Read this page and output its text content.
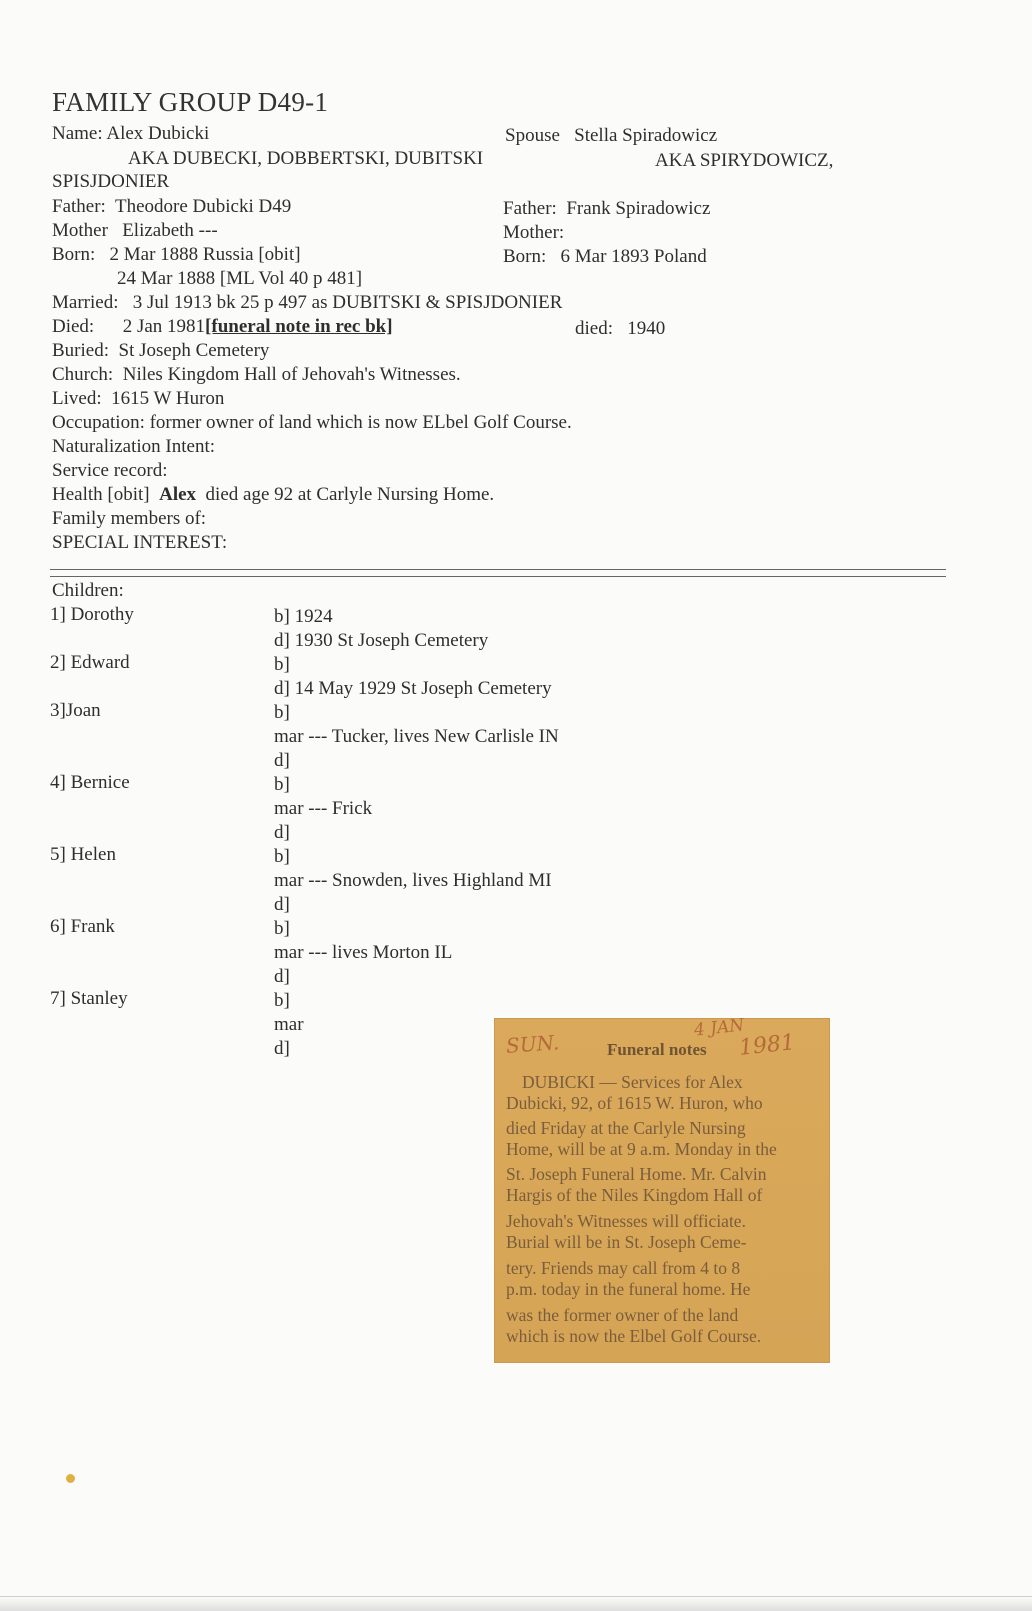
FAMILY GROUP D49-1
Name: Alex Dubicki	Spouse Stella Spiradowicz
AKA DUBECKI, DOBBERTSKI, DUBITSKI	AKA SPIRYDOWICZ,
SPISJDONIER
Father: Theodore Dubicki D49	Father: Frank Spiradowicz
Mother Elizabeth ---	Mother:
Born: 2 Mar 1888 Russia [obit]	Born: 6 Mar 1893 Poland
24 Mar 1888 [ML Vol 40 p 481]
Married: 3 Jul 1913 bk 25 p 497 as DUBITSKI & SPISJDONIER
Died: 2 Jan 1981[funeral note in rec bk]	died: 1940
Buried: St Joseph Cemetery
Church: Niles Kingdom Hall of Jehovah's Witnesses.
Lived: 1615 W Huron
Occupation: former owner of land which is now ELbel Golf Course.
Naturalization Intent:
Service record:
Health [obit] Alex died age 92 at Carlyle Nursing Home.
Family members of:
SPECIAL INTEREST:
Children:
1] Dorothy	b] 1924
d] 1930 St Joseph Cemetery
2] Edward	b]
d] 14 May 1929 St Joseph Cemetery
3]Joan	b]
mar --- Tucker, lives New Carlisle IN
d]
4] Bernice	b]
mar --- Frick
d]
5] Helen	b]
mar --- Snowden, lives Highland MI
d]
6] Frank	b]
mar --- lives Morton IL
d]
7] Stanley	b]
mar
d]	SUN.
4 JAN
1981
Funeral notes
DUBICKI — Services for Alex
Dubicki, 92, of 1615 W. Huron, who
died Friday at the Carlyle Nursing
Home, will be at 9 a.m. Monday in the
St. Joseph Funeral Home. Mr. Calvin
Hargis of the Niles Kingdom Hall of
Jehovah's Witnesses will officiate.
Burial will be in St. Joseph Ceme-
tery. Friends may call from 4 to 8
p.m. today in the funeral home. He
was the former owner of the land
which is now the Elbel Golf Course.
